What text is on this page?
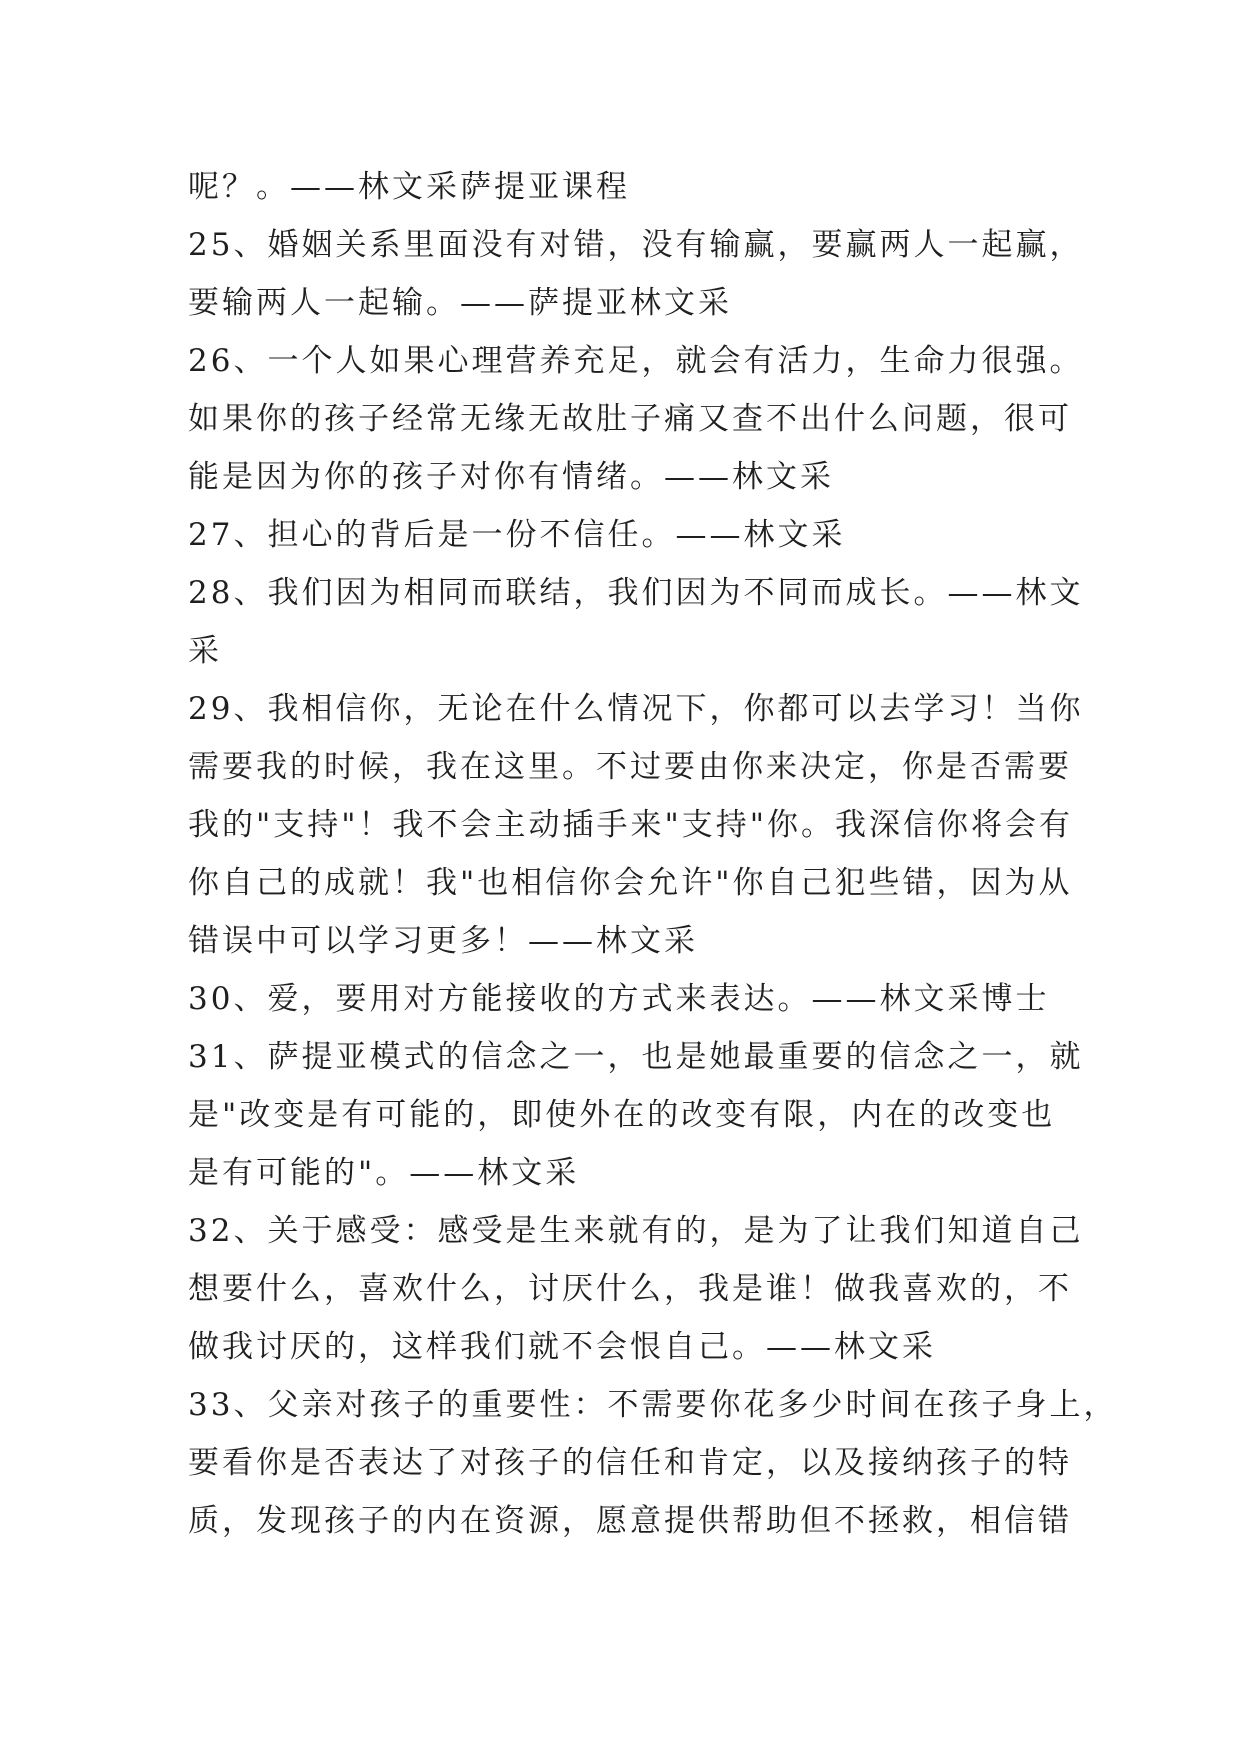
呢？。——林文采萨提亚课程
25、婚姻关系里面没有对错，没有输赢，要赢两人一起赢，
要输两人一起输。——萨提亚林文采
26、一个人如果心理营养充足，就会有活力，生命力很强。
如果你的孩子经常无缘无故肚子痛又查不出什么问题，很可
能是因为你的孩子对你有情绪。——林文采
27、担心的背后是一份不信任。——林文采
28、我们因为相同而联结，我们因为不同而成长。——林文
采
29、我相信你，无论在什么情况下，你都可以去学习！当你
需要我的时候，我在这里。不过要由你来决定，你是否需要
我的"支持"！我不会主动插手来"支持"你。我深信你将会有
你自己的成就！我"也相信你会允许"你自己犯些错，因为从
错误中可以学习更多！——林文采
30、爱，要用对方能接收的方式来表达。——林文采博士
31、萨提亚模式的信念之一，也是她最重要的信念之一，就
是"改变是有可能的，即使外在的改变有限，内在的改变也
是有可能的"。——林文采
32、关于感受：感受是生来就有的，是为了让我们知道自己
想要什么，喜欢什么，讨厌什么，我是谁！做我喜欢的，不
做我讨厌的，这样我们就不会恨自己。——林文采
33、父亲对孩子的重要性：不需要你花多少时间在孩子身上，
要看你是否表达了对孩子的信任和肯定，以及接纳孩子的特
质，发现孩子的内在资源，愿意提供帮助但不拯救，相信错
